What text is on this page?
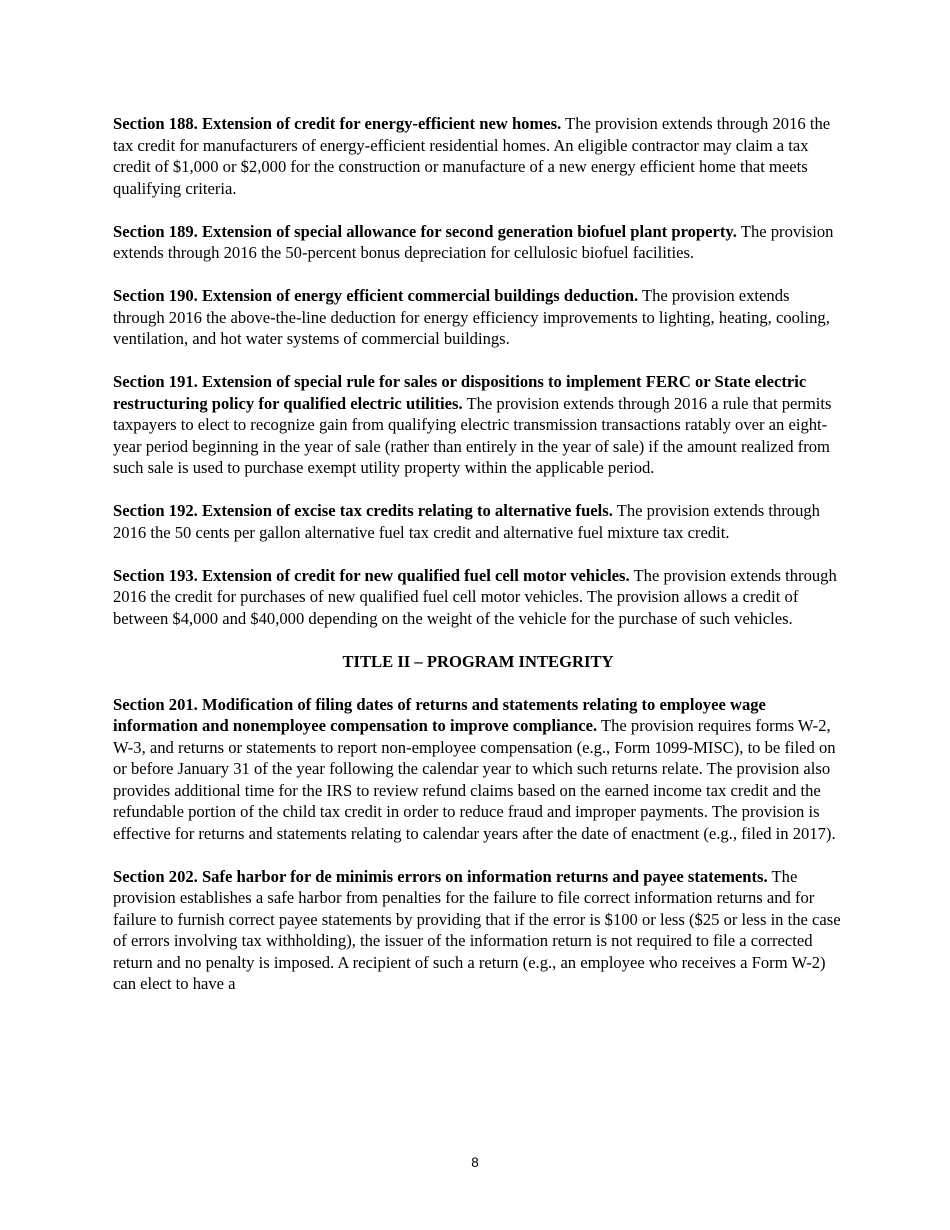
Section 188. Extension of credit for energy-efficient new homes. The provision extends through 2016 the tax credit for manufacturers of energy-efficient residential homes. An eligible contractor may claim a tax credit of $1,000 or $2,000 for the construction or manufacture of a new energy efficient home that meets qualifying criteria.

Section 189. Extension of special allowance for second generation biofuel plant property. The provision extends through 2016 the 50-percent bonus depreciation for cellulosic biofuel facilities.

Section 190. Extension of energy efficient commercial buildings deduction. The provision extends through 2016 the above-the-line deduction for energy efficiency improvements to lighting, heating, cooling, ventilation, and hot water systems of commercial buildings.

Section 191. Extension of special rule for sales or dispositions to implement FERC or State electric restructuring policy for qualified electric utilities. The provision extends through 2016 a rule that permits taxpayers to elect to recognize gain from qualifying electric transmission transactions ratably over an eight-year period beginning in the year of sale (rather than entirely in the year of sale) if the amount realized from such sale is used to purchase exempt utility property within the applicable period.

Section 192. Extension of excise tax credits relating to alternative fuels. The provision extends through 2016 the 50 cents per gallon alternative fuel tax credit and alternative fuel mixture tax credit.

Section 193. Extension of credit for new qualified fuel cell motor vehicles. The provision extends through 2016 the credit for purchases of new qualified fuel cell motor vehicles. The provision allows a credit of between $4,000 and $40,000 depending on the weight of the vehicle for the purchase of such vehicles.

TITLE II – PROGRAM INTEGRITY

Section 201. Modification of filing dates of returns and statements relating to employee wage information and nonemployee compensation to improve compliance. The provision requires forms W-2, W-3, and returns or statements to report non-employee compensation (e.g., Form 1099-MISC), to be filed on or before January 31 of the year following the calendar year to which such returns relate. The provision also provides additional time for the IRS to review refund claims based on the earned income tax credit and the refundable portion of the child tax credit in order to reduce fraud and improper payments. The provision is effective for returns and statements relating to calendar years after the date of enactment (e.g., filed in 2017).

Section 202. Safe harbor for de minimis errors on information returns and payee statements. The provision establishes a safe harbor from penalties for the failure to file correct information returns and for failure to furnish correct payee statements by providing that if the error is $100 or less ($25 or less in the case of errors involving tax withholding), the issuer of the information return is not required to file a corrected return and no penalty is imposed. A recipient of such a return (e.g., an employee who receives a Form W-2) can elect to have a

8
